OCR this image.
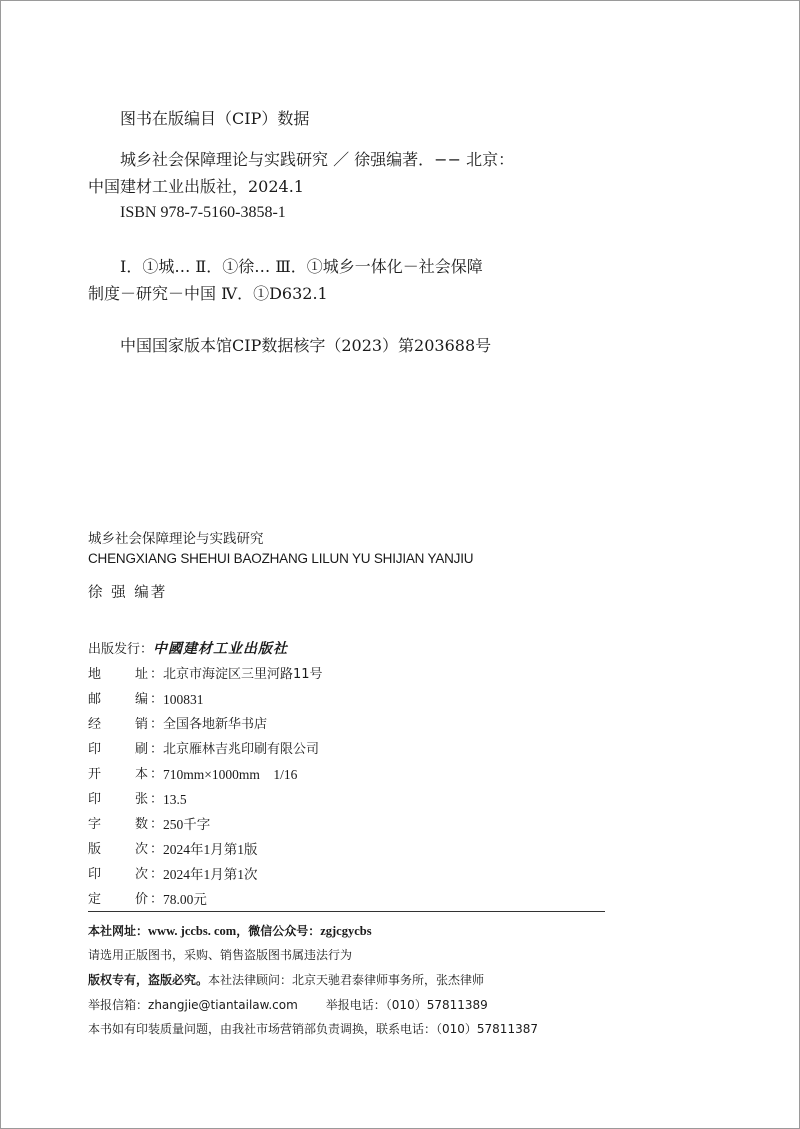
图书在版编目（CIP）数据
城乡社会保障理论与实践研究 ／ 徐强编著．−− 北京：
中国建材工业出版社，2024.1
ISBN 978-7-5160-3858-1
Ⅰ．①城… Ⅱ．①徐… Ⅲ．①城乡一体化－社会保障
制度－研究－中国 Ⅳ．①D632.1
中国国家版本馆CIP数据核字（2023）第203688号
城乡社会保障理论与实践研究
CHENGXIANG SHEHUI BAOZHANG LILUN YU SHIJIAN YANJIU
徐 强 编著
出版发行： 中國建材工业出版社
地址 ： 北京市海淀区三里河路11号
邮编 ： 100831
经销 ： 全国各地新华书店
印刷 ： 北京雁林吉兆印刷有限公司
开本 ： 710mm×1000mm　1/16
印张 ： 13.5
字数 ： 250千字
版次 ： 2024年1月第1版
印次 ： 2024年1月第1次
定价 ： 78.00元
本社网址：www. jccbs. com，微信公众号：zgjcgycbs
请选用正版图书，采购、销售盗版图书属违法行为
版权专有，盗版必究。本社法律顾问：北京天驰君泰律师事务所，张杰律师
举报信箱：zhangjie@tiantailaw.com 举报电话：（010）57811389
本书如有印装质量问题，由我社市场营销部负责调换，联系电话：（010）57811387
